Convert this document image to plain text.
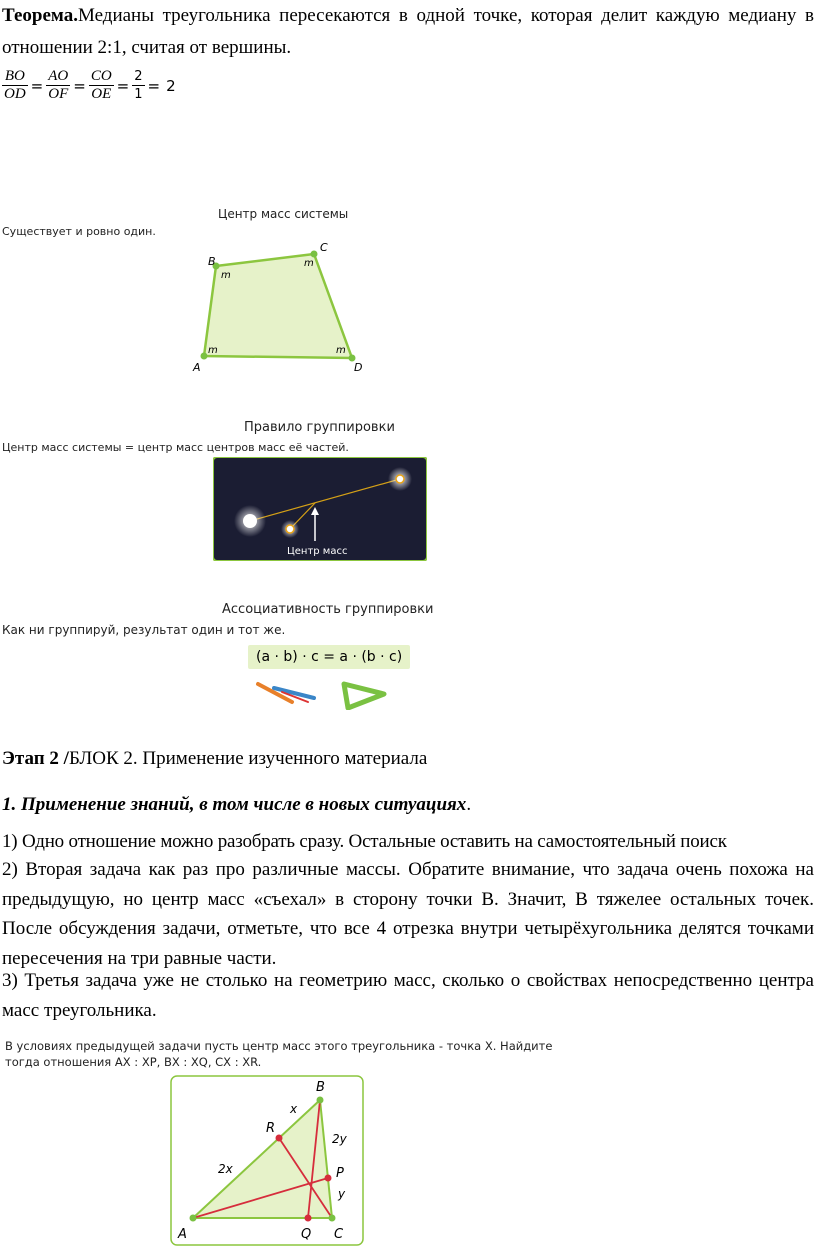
Теорема.Медианы треугольника пересекаются в одной точке, которая делит каждую медиану в отношении 2:1, считая от вершины.
$\frac{BO}{OD} = \frac{AO}{OF} = \frac{CO}{OE} = \frac{2}{1} = 2$
Центр масс системы
Существует и ровно один.
B
C
A	D
m
m
m	m
Правило группировки
Центр масс системы = центр масс центров масс её частей.
Центр масс
Ассоциативность группировки
Как ни группируй, результат один и тот же.
(a · b) · c = a · (b · c)
Этап 2 /БЛОК 2. Применение изученного материала
1. Применение знаний, в том числе в новых ситуациях.
1) Одно отношение можно разобрать сразу. Остальные оставить на самостоятельный поиск
2) Вторая задача как раз про различные массы. Обратите внимание, что задача очень похожа на предыдущую, но центр масс «съехал» в сторону точки B. Значит, B тяжелее остальных точек. После обсуждения задачи, отметьте, что все 4 отрезка внутри четырёхугольника делятся точками пересечения на три равные части.
3) Третья задача уже не столько на геометрию масс, сколько о свойствах непосредственно центра масс треугольника.
В условиях предыдущей задачи пусть центр масс этого треугольника - точка X. Найдите
тогда отношения AX : XP, BX : XQ, CX : XR.
B
A	C
Q
P
R
x
2y
2x
y
